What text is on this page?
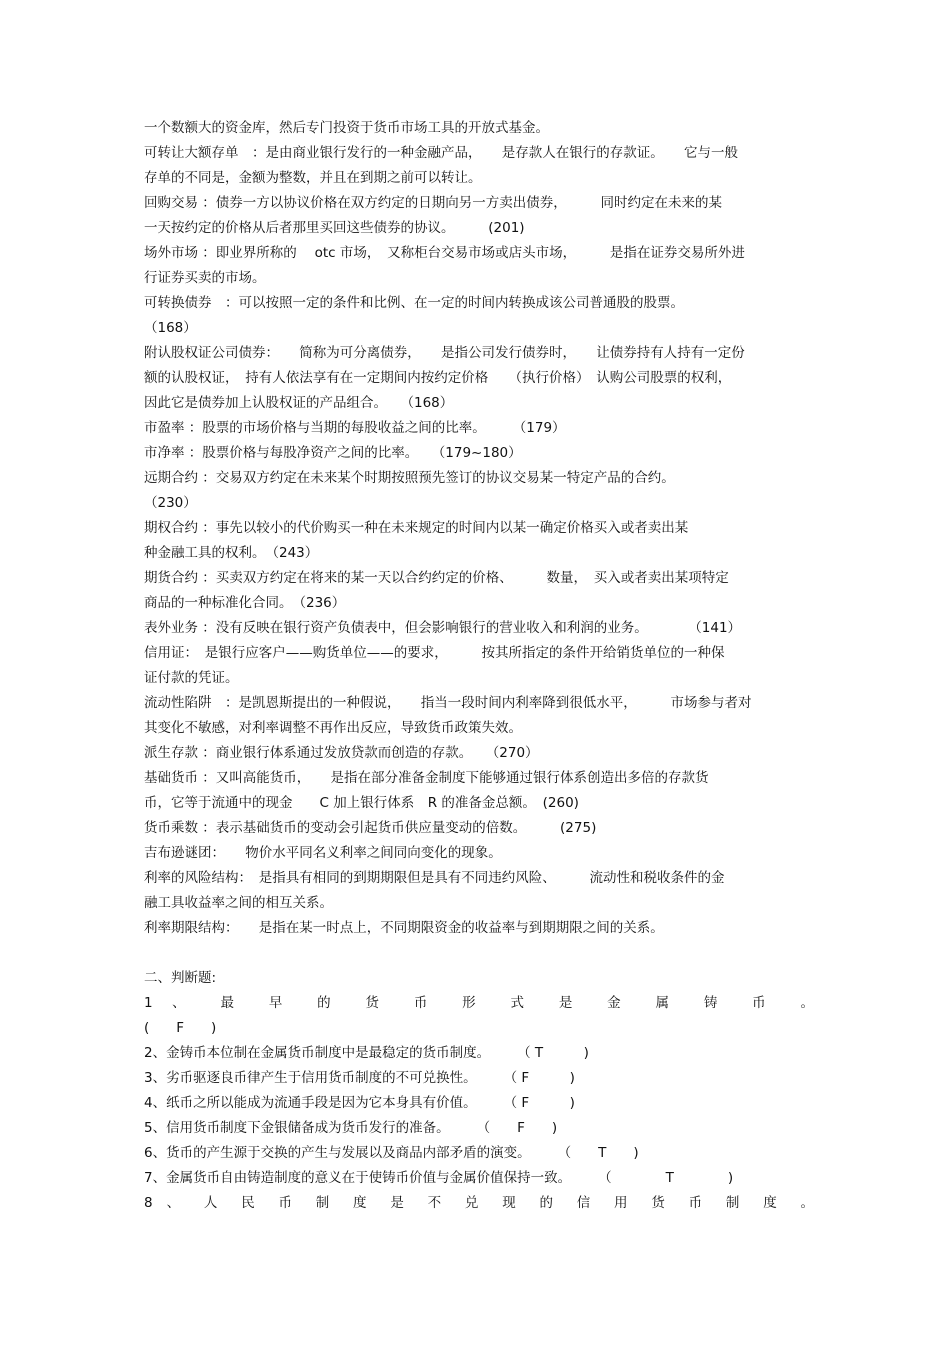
一个数额大的资金库，然后专门投资于货币市场工具的开放式基金。
可转让大额存单　：是由商业银行发行的一种金融产品，　　是存款人在银行的存款证。　　它与一般
存单的不同是，金额为整数，并且在到期之前可以转让。
回购交易 ：债券一方以协议价格在双方约定的日期向另一方卖出债券，　　　同时约定在未来的某
一天按约定的价格从后者那里买回这些债券的协议。　　　(201)
场外市场 ：即业界所称的　 otc 市场，　又称柜台交易市场或店头市场，　　　是指在证券交易所外进
行证券买卖的市场。
可转换债券　：可以按照一定的条件和比例、在一定的时间内转换成该公司普通股的股票。
（168）
附认股权证公司债券：　　简称为可分离债券，　　是指公司发行债券时，　　让债券持有人持有一定份
额的认股权证，　持有人依法享有在一定期间内按约定价格　　（执行价格）　认购公司股票的权利，
因此它是债券加上认股权证的产品组合。　　（168）
市盈率 ：股票的市场价格与当期的每股收益之间的比率。　　　（179）
市净率 ：股票价格与每股净资产之间的比率。　　（179~180）
远期合约 ：交易双方约定在未来某个时期按照预先签订的协议交易某一特定产品的合约。
（230）
期权合约 ：事先以较小的代价购买一种在未来规定的时间内以某一确定价格买入或者卖出某
种金融工具的权利。　（243）
期货合约 ：买卖双方约定在将来的某一天以合约约定的价格、　　　数量，　买入或者卖出某项特定
商品的一种标准化合同。　（236）
表外业务 ：没有反映在银行资产负债表中，但会影响银行的营业收入和利润的业务。　　　　（141）
信用证：　是银行应客户——购货单位——的要求，　　　按其所指定的条件开给销货单位的一种保
证付款的凭证。
流动性陷阱　：是凯恩斯提出的一种假说，　　指当一段时间内利率降到很低水平，　　　市场参与者对
其变化不敏感，对利率调整不再作出反应，导致货币政策失效。
派生存款 ：商业银行体系通过发放贷款而创造的存款。　　（270）
基础货币 ：又叫高能货币，　　是指在部分准备金制度下能够通过银行体系创造出多倍的存款货
币，它等于流通中的现金　　C 加上银行体系　R 的准备金总额。　(260)
货币乘数 ：表示基础货币的变动会引起货币供应量变动的倍数。　　　(275)
吉布逊谜团：　　物价水平同名义利率之间同向变化的现象。
利率的风险结构：　是指具有相同的到期期限但是具有不同违约风险、　　　流动性和税收条件的金
融工具收益率之间的相互关系。
利率期限结构：　　是指在某一时点上，不同期限资金的收益率与到期期限之间的关系。
二、判断题:
1 、 最 早 的 货 币 形 式 是 金 属 铸 币 。
(　　F　　)
2、金铸币本位制在金属货币制度中是最稳定的货币制度。　　　（ T　　　)
3、劣币驱逐良币律产生于信用货币制度的不可兑换性。　　　（ F　　　)
4、纸币之所以能成为流通手段是因为它本身具有价值。　　　（ F　　　)
5、信用货币制度下金银储备成为货币发行的准备。　　　（　　F　　)
6、货币的产生源于交换的产生与发展以及商品内部矛盾的演变。　　　（　　T　　)
7、金属货币自由铸造制度的意义在于使铸币价值与金属价值保持一致。　　　（　　　　T　　　　)
8 、 人 民 币 制 度 是 不 兑 现 的 信 用 货 币 制 度 。
